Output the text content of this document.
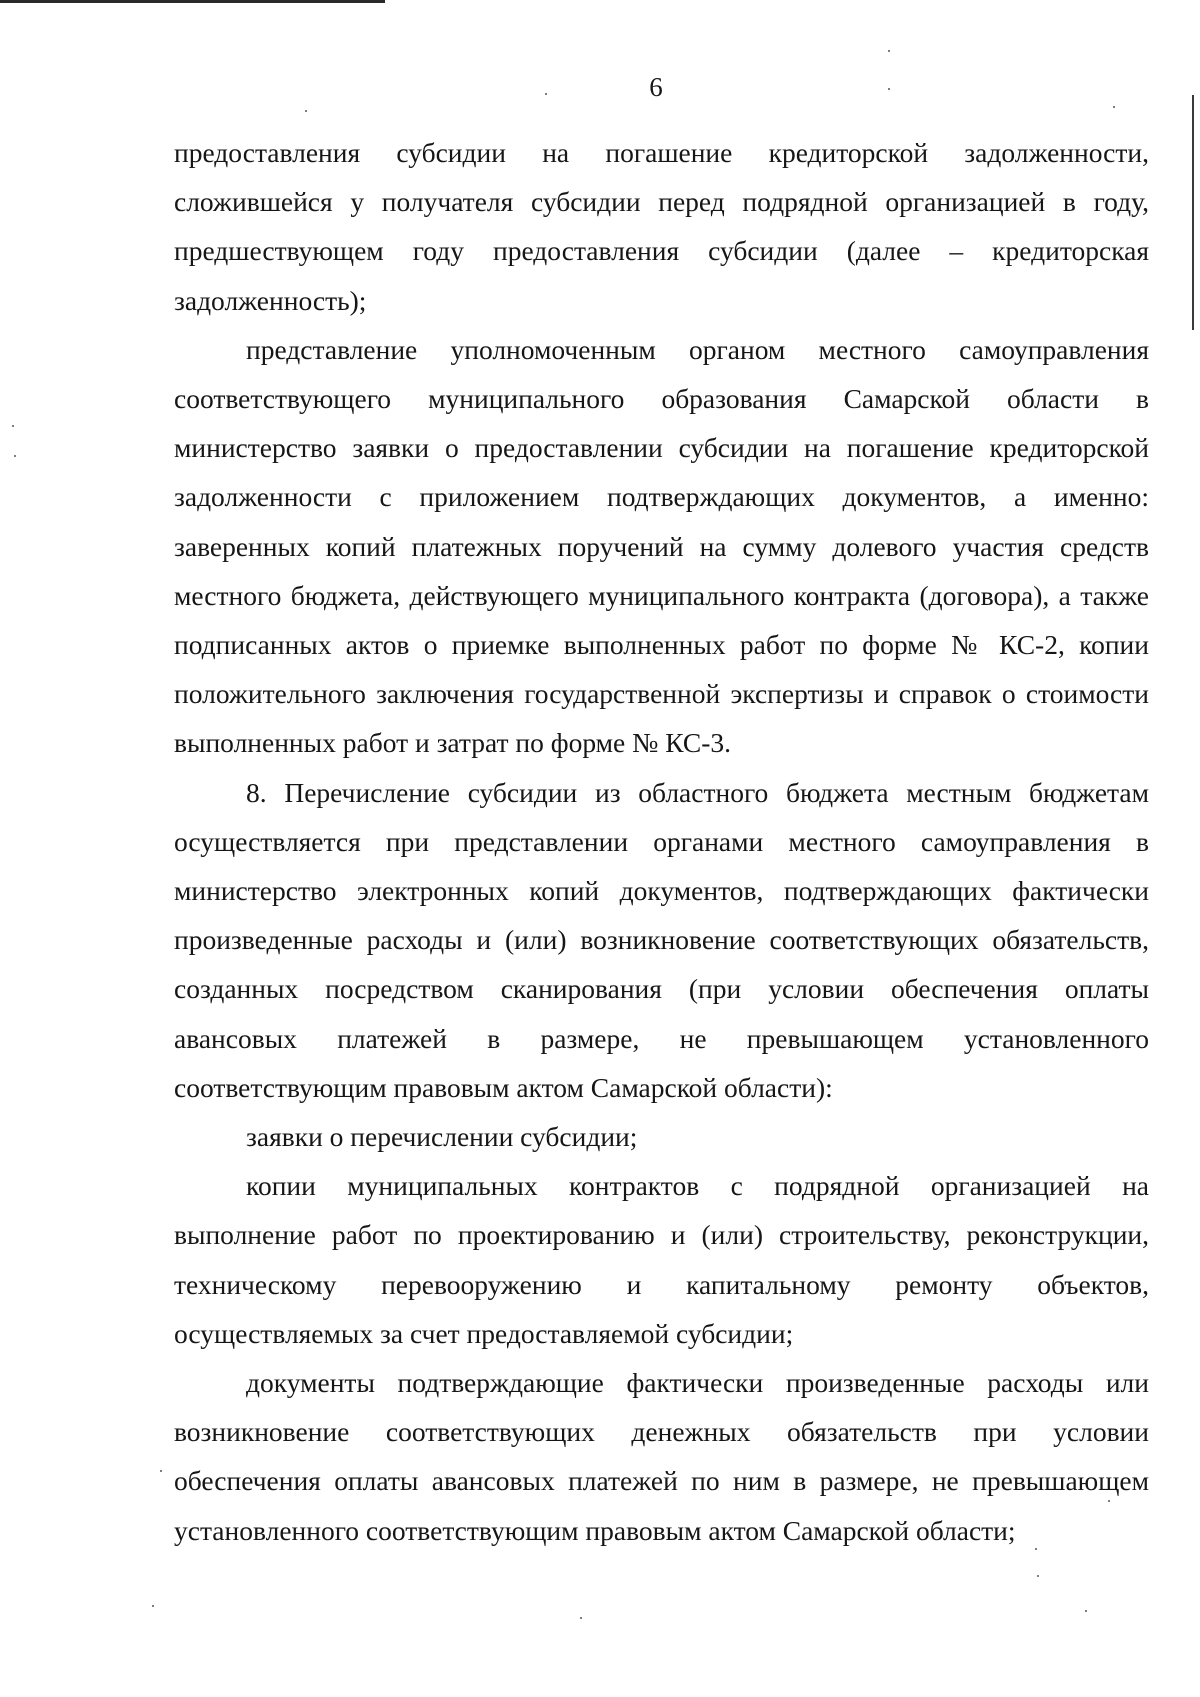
6

предоставления субсидии на погашение кредиторской задолженности, сложившейся у получателя субсидии перед подрядной организацией в году, предшествующем году предоставления субсидии (далее – кредиторская задолженность);

представление уполномоченным органом местного самоуправления соответствующего муниципального образования Самарской области в министерство заявки о предоставлении субсидии на погашение кредиторской задолженности с приложением подтверждающих документов, а именно: заверенных копий платежных поручений на сумму долевого участия средств местного бюджета, действующего муниципального контракта (договора), а также подписанных актов о приемке выполненных работ по форме № КС-2, копии положительного заключения государственной экспертизы и справок о стоимости выполненных работ и затрат по форме № КС-3.

8. Перечисление субсидии из областного бюджета местным бюджетам осуществляется при представлении органами местного самоуправления в министерство электронных копий документов, подтверждающих фактически произведенные расходы и (или) возникновение соответствующих обязательств, созданных посредством сканирования (при условии обеспечения оплаты авансовых платежей в размере, не превышающем установленного соответствующим правовым актом Самарской области):

заявки о перечислении субсидии;

копии муниципальных контрактов с подрядной организацией на выполнение работ по проектированию и (или) строительству, реконструкции, техническому перевооружению и капитальному ремонту объектов, осуществляемых за счет предоставляемой субсидии;

документы подтверждающие фактически произведенные расходы или возникновение соответствующих денежных обязательств при условии обеспечения оплаты авансовых платежей по ним в размере, не превышающем установленного соответствующим правовым актом Самарской области;
